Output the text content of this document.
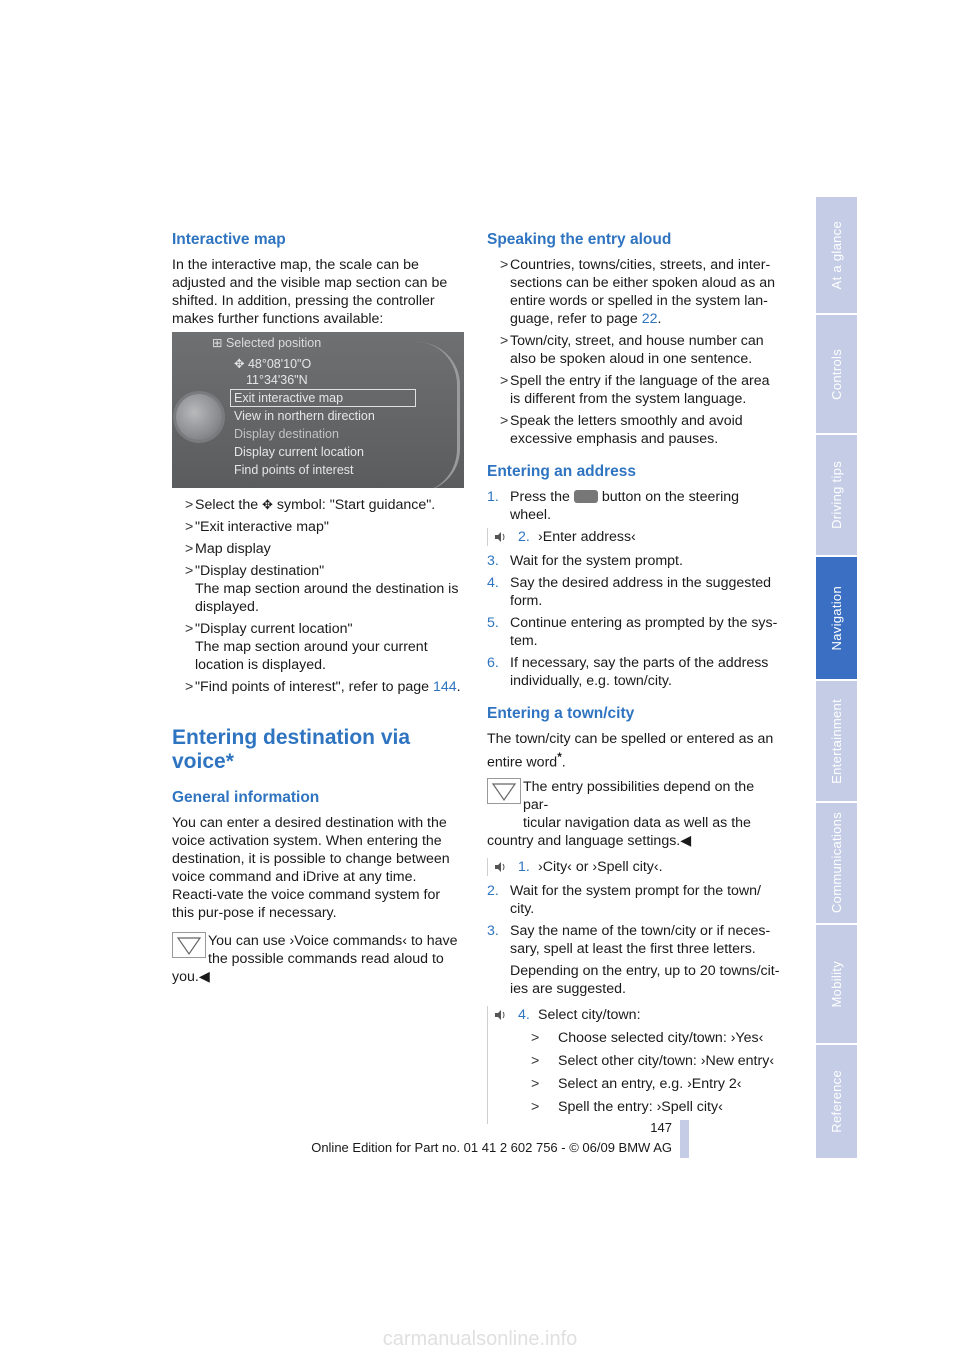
Interactive map

In the interactive map, the scale can be adjusted and the visible map section can be shifted. In addition, pressing the controller makes further functions available:

⊞ Selected position
✥ 48°08'10"O
11°34'36"N
Exit interactive map
View in northern direction
Display destination
Display current location
Find points of interest
> Select the ✥ symbol: "Start guidance".
> "Exit interactive map"
> Map display
> "Display destination"
The map section around the destination is displayed.
> "Display current location"
The map section around your current location is displayed.
> "Find points of interest", refer to page 144.
Entering destination via
voice*
General information

You can enter a desired destination with the voice activation system. When entering the destination, it is possible to change between voice command and iDrive at any time. Reacti-vate the voice command system for this pur-pose if necessary.

You can use ›Voice commands‹ to have
the possible commands read aloud to
you.◀
Speaking the entry aloud
> Countries, towns/cities, streets, and inter-sections can be either spoken aloud as an entire words or spelled in the system lan-guage, refer to page 22.
> Town/city, street, and house number can also be spoken aloud in one sentence.
> Spell the entry if the language of the area is different from the system language.
> Speak the letters smoothly and avoid excessive emphasis and pauses.
Entering an address
1. Press the  button on the steering wheel.
2. ›Enter address‹
3. Wait for the system prompt.
4. Say the desired address in the suggested form.
5. Continue entering as prompted by the sys-tem.
6. If necessary, say the parts of the address individually, e.g. town/city.
Entering a town/city

The town/city can be spelled or entered as an entire word*.

The entry possibilities depend on the par-
ticular navigation data as well as the
country and language settings.◀
1. ›City‹ or ›Spell city‹.
2. Wait for the system prompt for the town/ city.
3. Say the name of the town/city or if neces-sary, spell at least the first three letters.
Depending on the entry, up to 20 towns/cit-ies are suggested.
4. Select city/town:
> Choose selected city/town: ›Yes‹
> Select other city/town: ›New entry‹
> Select an entry, e.g. ›Entry 2‹
> Spell the entry: ›Spell city‹
At a glance
Controls
Driving tips
Navigation
Entertainment
Communications
Mobility
Reference
147
Online Edition for Part no. 01 41 2 602 756 - © 06/09 BMW AG
carmanualsonline.info
